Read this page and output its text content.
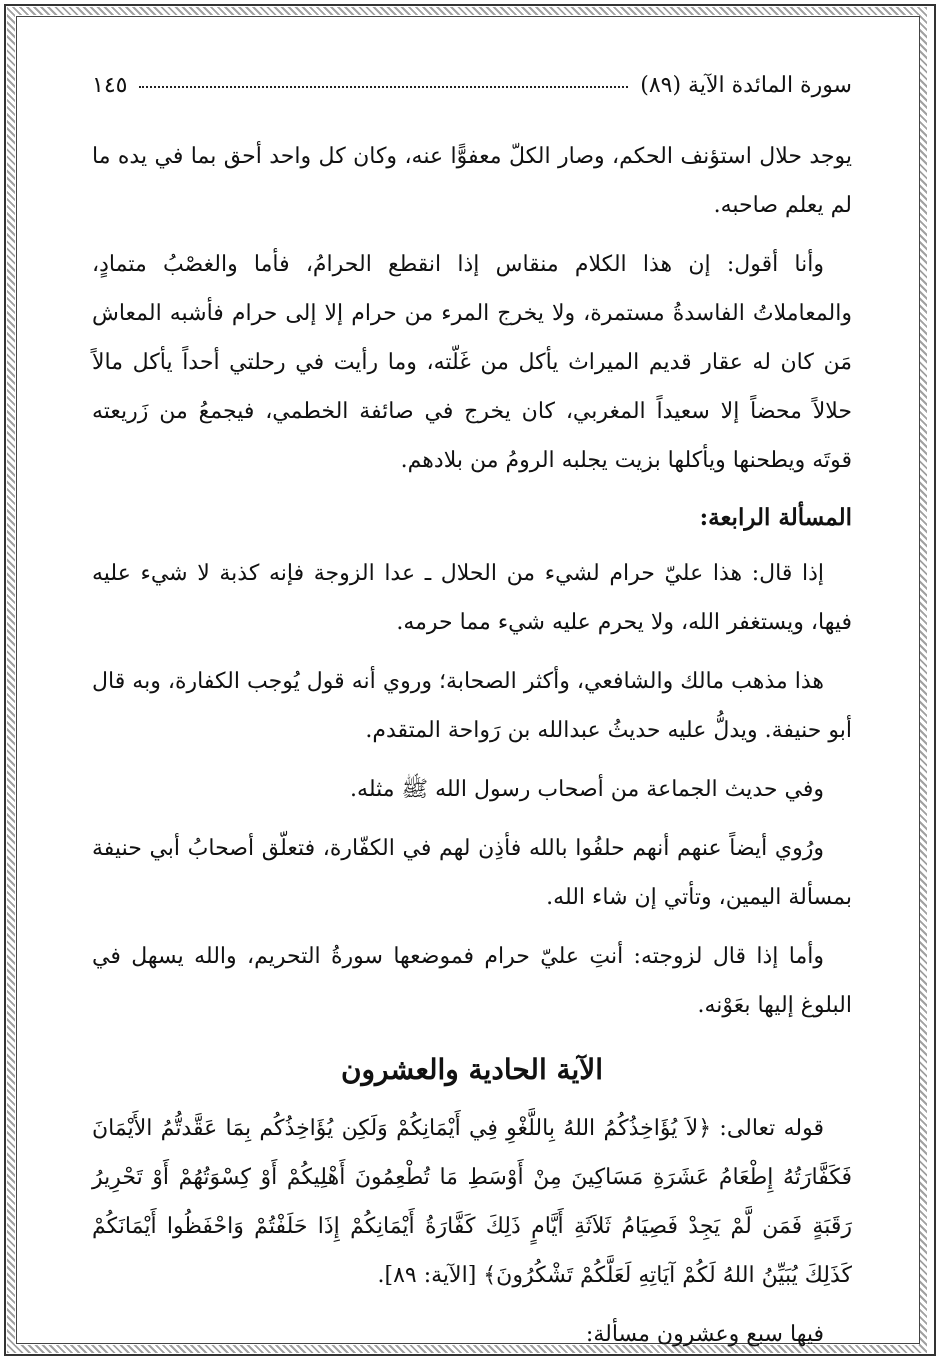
سورة المائدة الآية (٨٩)
١٤٥

يوجد حلال استؤنف الحكم، وصار الكلّ معفوًّا عنه، وكان كل واحد أحق بما في يده ما لم يعلم صاحبه.

وأنا أقول: إن هذا الكلام منقاس إذا انقطع الحرامُ، فأما والغصْبُ متمادٍ، والمعاملاتُ الفاسدةُ مستمرة، ولا يخرج المرء من حرام إلا إلى حرام فأشبه المعاش مَن كان له عقار قديم الميراث يأكل من غَلّته، وما رأيت في رحلتي أحداً يأكل مالاً حلالاً محضاً إلا سعيداً المغربي، كان يخرج في صائفة الخطمي، فيجمعُ من زَريعته قوتَه ويطحنها ويأكلها بزيت يجلبه الرومُ من بلادهم.

المسألة الرابعة:

إذا قال: هذا عليّ حرام لشيء من الحلال ـ عدا الزوجة فإنه كذبة لا شيء عليه فيها، ويستغفر الله، ولا يحرم عليه شيء مما حرمه.

هذا مذهب مالك والشافعي، وأكثر الصحابة؛ وروي أنه قول يُوجب الكفارة، وبه قال أبو حنيفة. ويدلُّ عليه حديثُ عبدالله بن رَواحة المتقدم.

وفي حديث الجماعة من أصحاب رسول الله ﷺ مثله.

ورُوي أيضاً عنهم أنهم حلفُوا بالله فأذِن لهم في الكفّارة، فتعلّق أصحابُ أبي حنيفة بمسألة اليمين، وتأتي إن شاء الله.

وأما إذا قال لزوجته: أنتِ عليّ حرام فموضعها سورةُ التحريم، والله يسهل في البلوغ إليها بعَوْنه.

الآية الحادية والعشرون

قوله تعالى: ﴿لاَ يُؤَاخِذُكُمُ اللهُ بِاللَّغْوِ فِي أَيْمَانِكُمْ وَلَكِن يُؤَاخِذُكُم بِمَا عَقَّدتُّمُ الأَيْمَانَ فَكَفَّارَتُهُ إِطْعَامُ عَشَرَةِ مَسَاكِينَ مِنْ أَوْسَطِ مَا تُطْعِمُونَ أَهْلِيكُمْ أَوْ كِسْوَتُهُمْ أَوْ تَحْرِيرُ رَقَبَةٍ فَمَن لَّمْ يَجِدْ فَصِيَامُ ثَلاَثَةِ أَيَّامٍ ذَلِكَ كَفَّارَةُ أَيْمَانِكُمْ إِذَا حَلَفْتُمْ وَاحْفَظُوا أَيْمَانَكُمْ كَذَلِكَ يُبَيِّنُ اللهُ لَكُمْ آيَاتِهِ لَعَلَّكُمْ تَشْكُرُونَ﴾ [الآية: ٨٩].

فيها سبع وعشرون مسألة:
